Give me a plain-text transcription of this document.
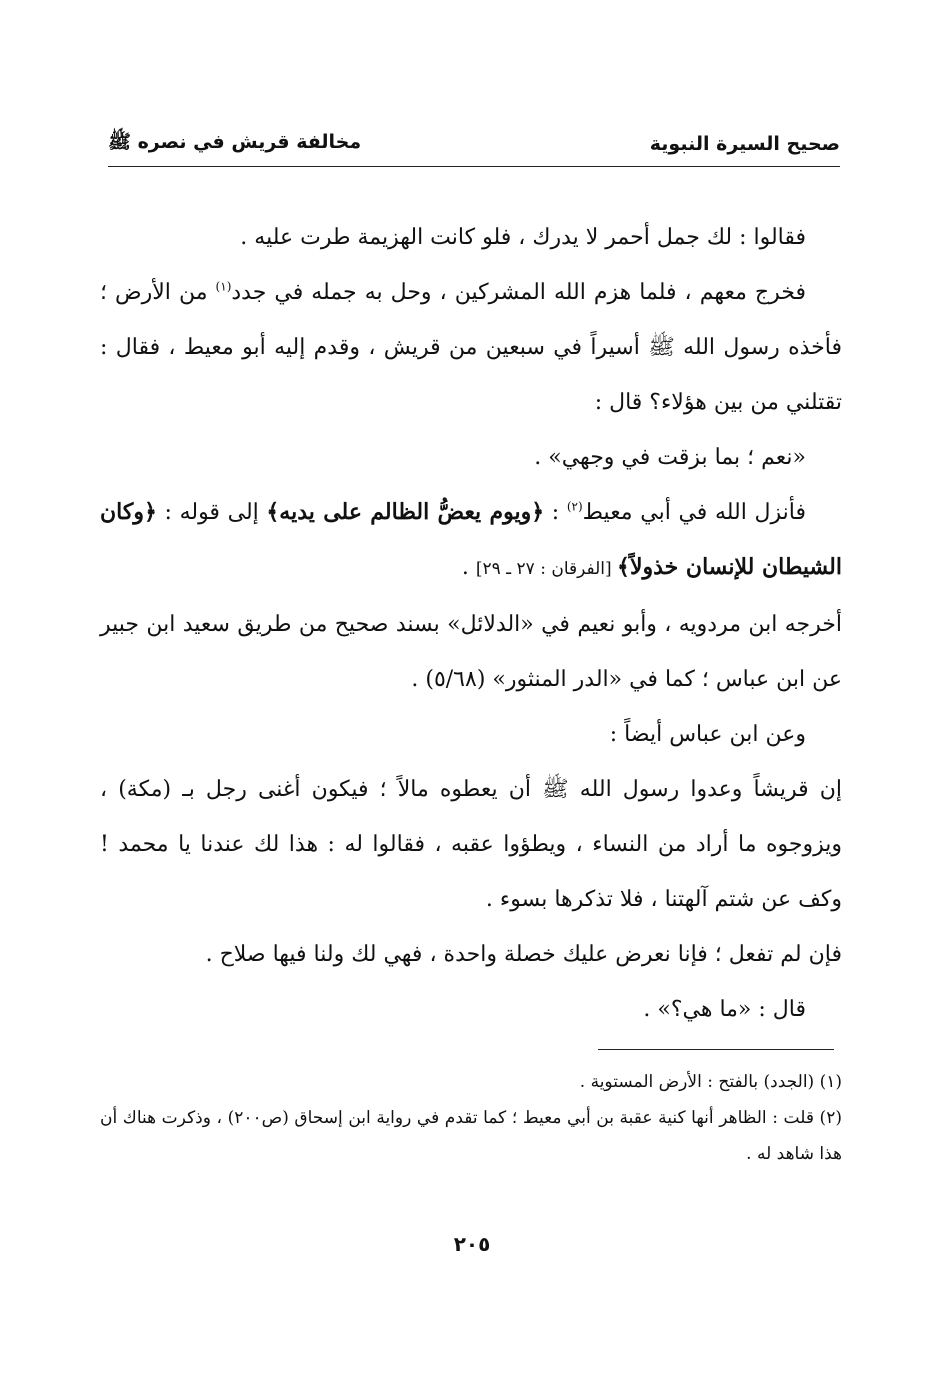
صحيح السيرة النبوية
مخالفة قريش في نصره ﷺ

فقالوا : لك جمل أحمر لا يدرك ، فلو كانت الهزيمة طرت عليه .

فخرج معهم ، فلما هزم الله المشركين ، وحل به جمله في جدد$^{(١)}$ من الأرض ؛ فأخذه رسول الله ﷺ أسيراً في سبعين من قريش ، وقدم إليه أبو معيط ، فقال : تقتلني من بين هؤلاء؟ قال :

«نعم ؛ بما بزقت في وجهي» .

فأنزل الله في أبي معيط$^{(٢)}$ : ﴿ويوم يعضُّ الظالم على يديه﴾ إلى قوله : ﴿وكان الشيطان للإنسان خذولاً﴾ [الفرقان : ٢٧ ـ ٢٩] .

أخرجه ابن مردويه ، وأبو نعيم في «الدلائل» بسند صحيح من طريق سعيد ابن جبير عن ابن عباس ؛ كما في «الدر المنثور» (٥/٦٨) .

وعن ابن عباس أيضاً :

إن قريشاً وعدوا رسول الله ﷺ أن يعطوه مالاً ؛ فيكون أغنى رجل بـ (مكة) ، ويزوجوه ما أراد من النساء ، ويطؤوا عقبه ، فقالوا له : هذا لك عندنا يا محمد ! وكف عن شتم آلهتنا ، فلا تذكرها بسوء .

فإن لم تفعل ؛ فإنا نعرض عليك خصلة واحدة ، فهي لك ولنا فيها صلاح .

قال : «ما هي؟» .

(١) (الجدد) بالفتح : الأرض المستوية .

(٢) قلت : الظاهر أنها كنية عقبة بن أبي معيط ؛ كما تقدم في رواية ابن إسحاق (ص٢٠٠) ، وذكرت هناك أن هذا شاهد له .

٢٠٥
